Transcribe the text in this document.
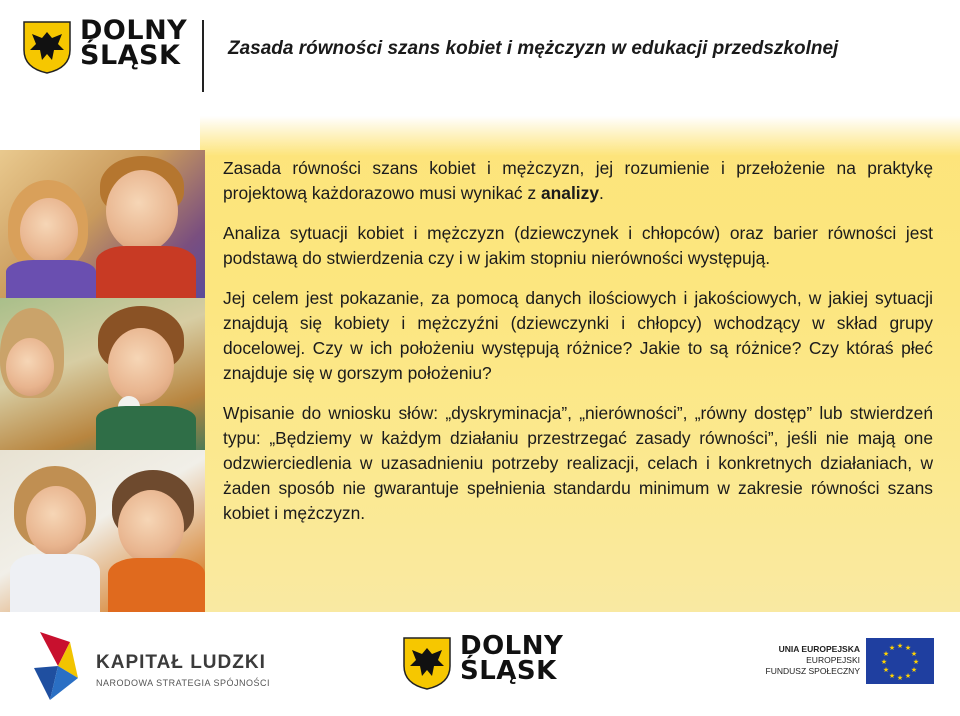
DOLNY
ŚLĄSK	Zasada równości szans kobiet i mężczyzn w edukacji przedszkolnej

Zasada równości szans kobiet i mężczyzn, jej rozumienie i przełożenie na praktykę projektową każdorazowo musi wynikać z analizy.

Analiza sytuacji kobiet i mężczyzn (dziewczynek i chłopców) oraz barier równości jest podstawą do stwierdzenia czy i w jakim stopniu nierówności występują.

Jej celem jest pokazanie, za pomocą danych ilościowych i jakościowych, w jakiej sytuacji znajdują się kobiety i mężczyźni (dziewczynki i chłopcy) wchodzący w skład grupy docelowej. Czy w ich położeniu występują różnice? Jakie to są różnice? Czy któraś płeć znajduje się w gorszym położeniu?

Wpisanie do wniosku słów: „dyskryminacja”, „nierówności”, „równy dostęp” lub stwierdzeń typu: „Będziemy w każdym działaniu przestrzegać zasady równości”, jeśli nie mają one odzwierciedlenia w uzasadnieniu potrzeby realizacji, celach i konkretnych działaniach, w żaden sposób nie gwarantuje spełnienia standardu minimum w zakresie równości szans kobiet i mężczyzn.

KAPITAŁ LUDZKI
NARODOWA STRATEGIA SPÓJNOŚCI
DOLNY
ŚLĄSK
UNIA EUROPEJSKA
EUROPEJSKI
FUNDUSZ SPOŁECZNY
★ ★
★
★
★
★
★
★
★
★
★
★
